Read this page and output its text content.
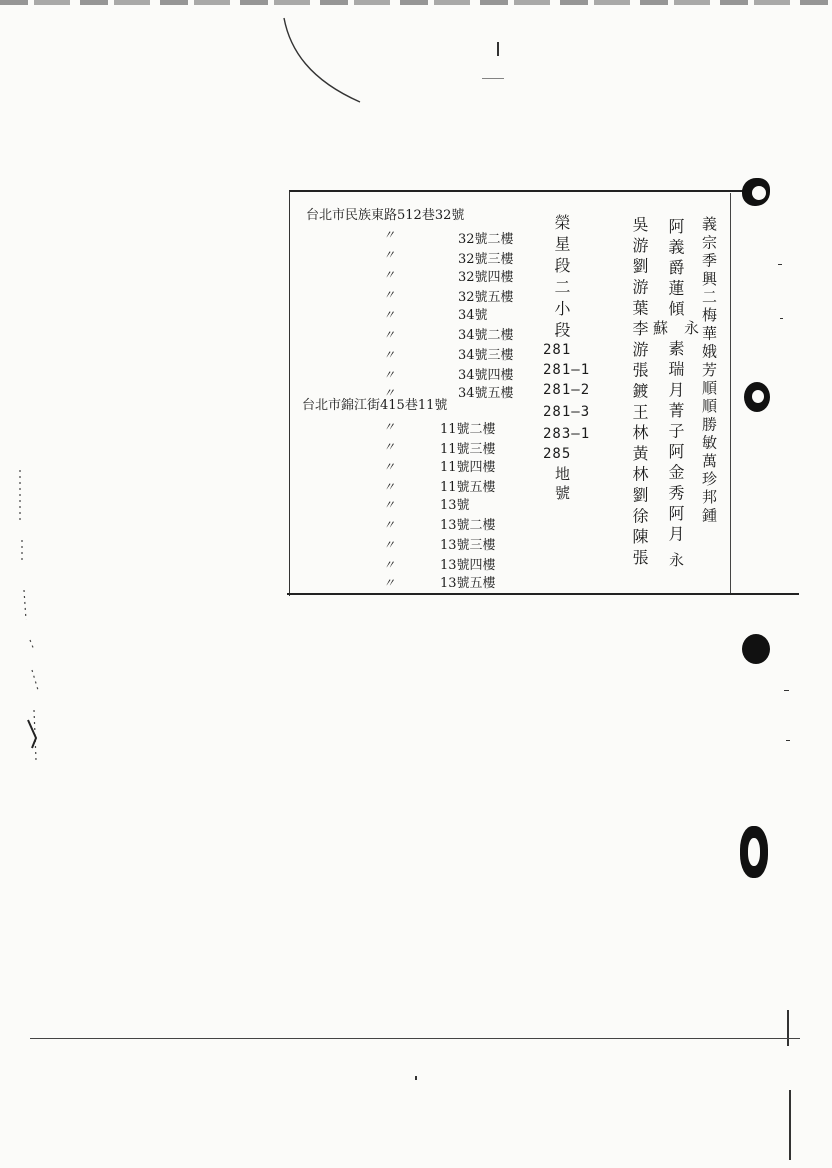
台北市民族東路512巷32號
台北市錦江街415巷11號
〃
〃
〃
〃
〃
〃
〃
〃
〃
〃
〃
〃
〃
〃
〃
〃
〃
〃
32號二樓
32號三樓
32號四樓
32號五樓
34號
34號二樓
34號三樓
34號四樓
34號五樓
11號二樓
11號三樓
11號四樓
11號五樓
13號
13號二樓
13號三樓
13號四樓
13號五樓
榮星段二小段
281
281—1
281—2
281—3
283—1
285
地號	義宗季興二梅華娥芳順順勝敏萬珍邦鍾
阿義爵蓮傾
永
素瑞月菁子阿金秀阿月
永
吳游劉游葉李游張鍍王林黃林劉徐陳張 蘇
